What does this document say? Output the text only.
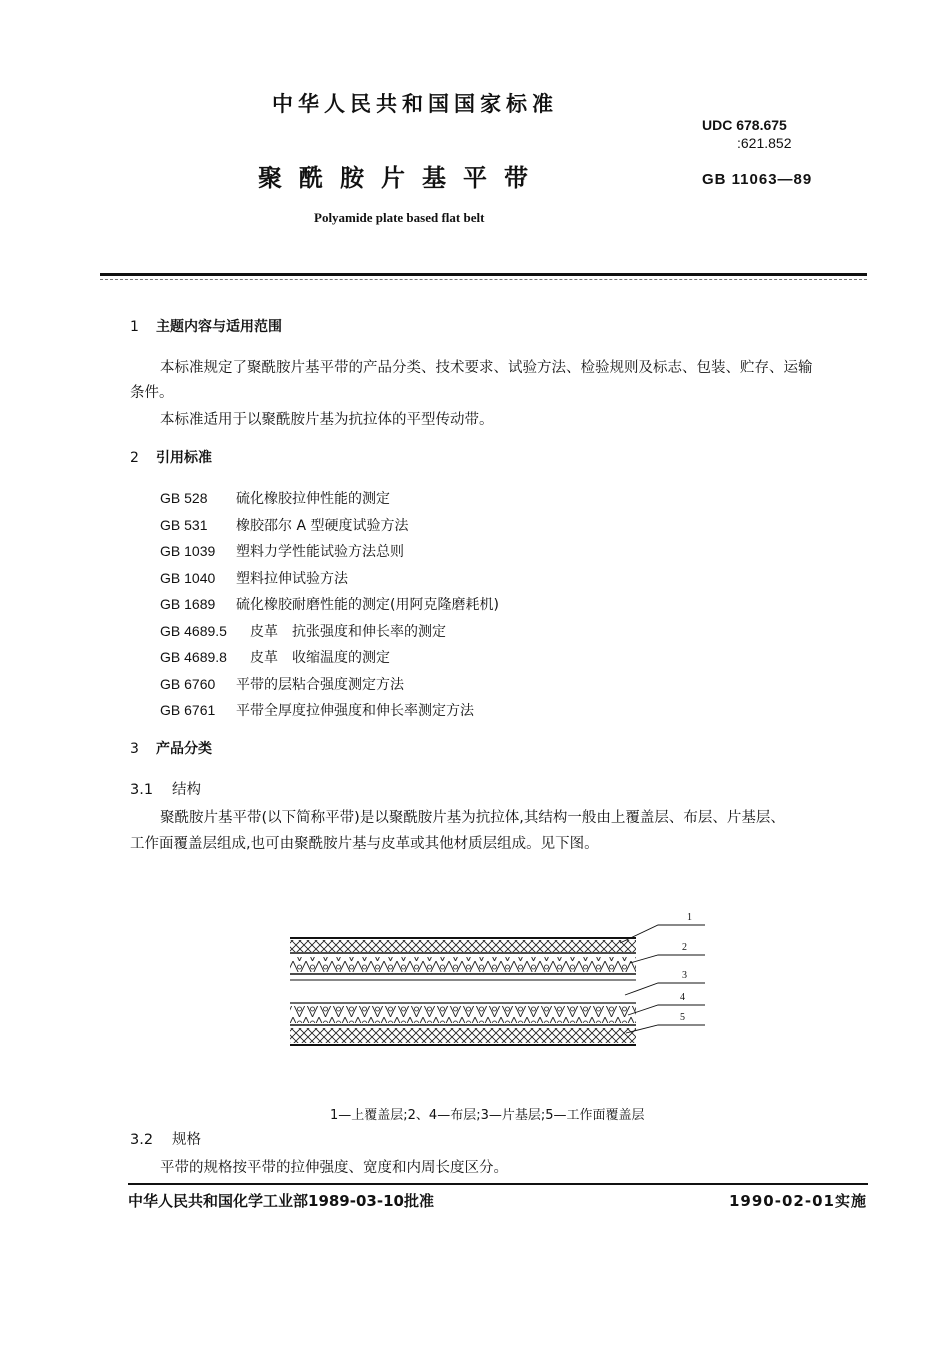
中华人民共和国国家标准
UDC 678.675
:621.852
聚酰胺片基平带	GB 11063—89
Polyamide plate based flat belt
1 主题内容与适用范围
本标准规定了聚酰胺片基平带的产品分类、技术要求、试验方法、检验规则及标志、包装、贮存、运输
条件。
本标准适用于以聚酰胺片基为抗拉体的平型传动带。
2 引用标准
GB 528 硫化橡胶拉伸性能的测定
GB 531 橡胶邵尔 A 型硬度试验方法
GB 1039 塑料力学性能试验方法总则
GB 1040 塑料拉伸试验方法
GB 1689 硫化橡胶耐磨性能的测定(用阿克隆磨耗机)
GB 4689.5 皮革　抗张强度和伸长率的测定
GB 4689.8 皮革　收缩温度的测定
GB 6760 平带的层粘合强度测定方法
GB 6761 平带全厚度拉伸强度和伸长率测定方法
3 产品分类
3.1 结构
聚酰胺片基平带(以下简称平带)是以聚酰胺片基为抗拉体,其结构一般由上覆盖层、布层、片基层、
工作面覆盖层组成,也可由聚酰胺片基与皮革或其他材质层组成。见下图。
1
2
3
4
5
1—上覆盖层;2、4—布层;3—片基层;5—工作面覆盖层
3.2 规格
平带的规格按平带的拉伸强度、宽度和内周长度区分。
中华人民共和国化学工业部1989-03-10批准	1990-02-01实施
